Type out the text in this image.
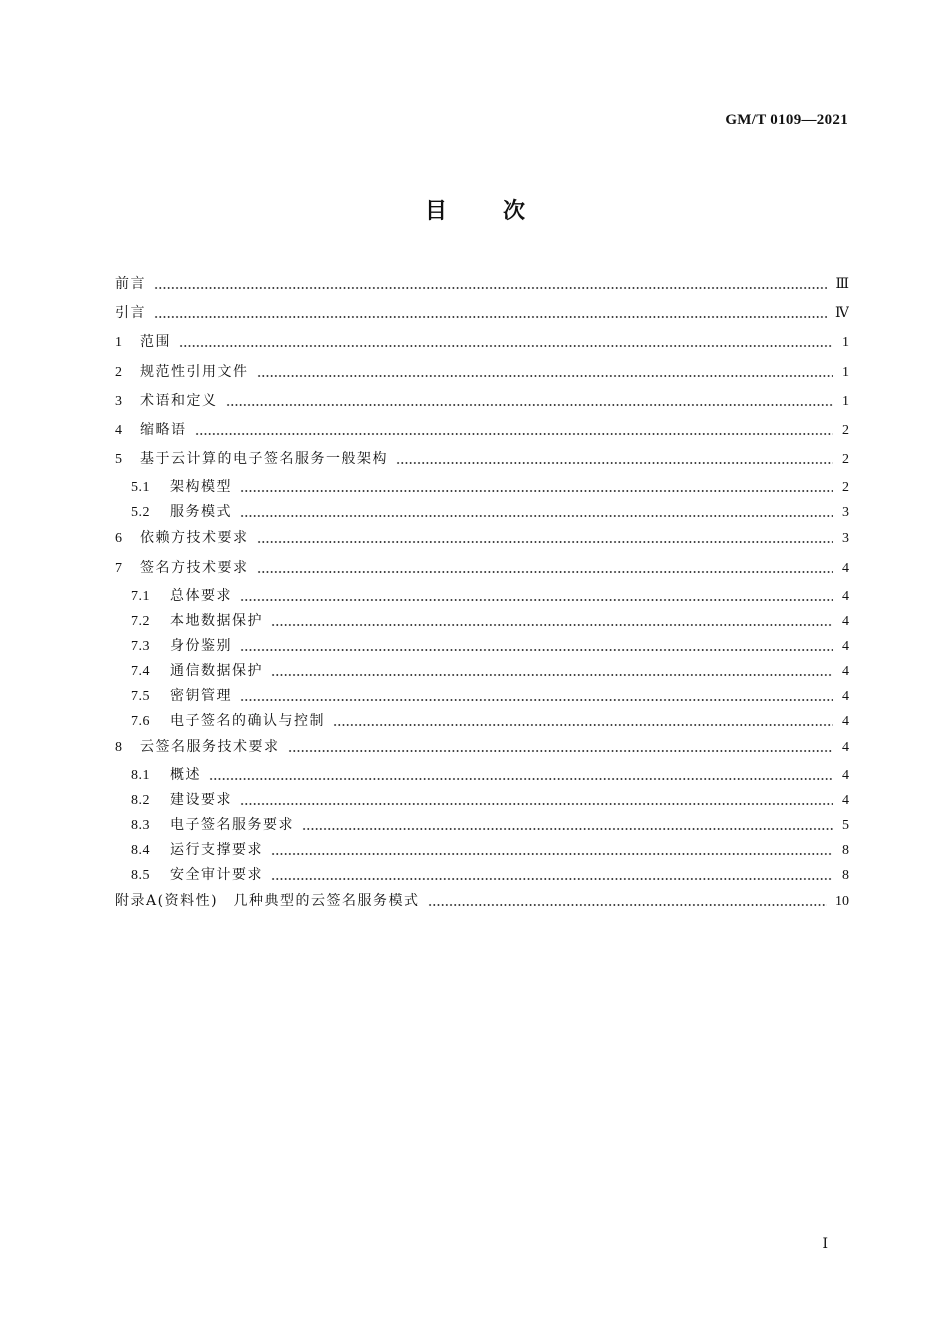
GM/T 0109—2021
目次
前言	Ⅲ
引言	Ⅳ
1	范围	1
2	规范性引用文件	1
3	术语和定义	1
4	缩略语	2
5	基于云计算的电子签名服务一般架构	2
5.1	架构模型	2
5.2	服务模式	3
6	依赖方技术要求	3
7	签名方技术要求	4
7.1	总体要求	4
7.2	本地数据保护	4
7.3	身份鉴别	4
7.4	通信数据保护	4
7.5	密钥管理	4
7.6	电子签名的确认与控制	4
8	云签名服务技术要求	4
8.1	概述	4
8.2	建设要求	4
8.3	电子签名服务要求	5
8.4	运行支撑要求	8
8.5	安全审计要求	8
附录A(资料性)　几种典型的云签名服务模式	10
Ⅰ
